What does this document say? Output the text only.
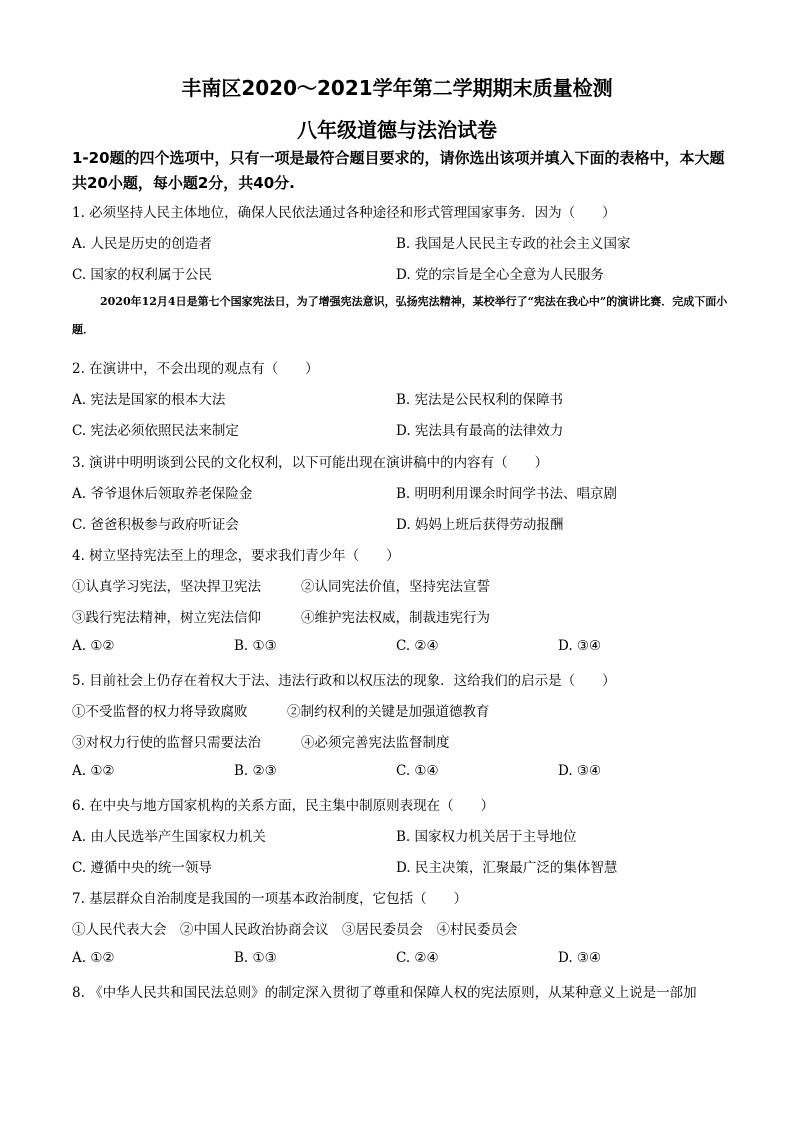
丰南区2020～2021学年第二学期期末质量检测
八年级道德与法治试卷
1-20题的四个选项中，只有一项是最符合题目要求的，请你选出该项并填入下面的表格中，本大题共20小题，每小题2分，共40分.
1. 必须坚持人民主体地位，确保人民依法通过各种途径和形式管理国家事务．因为（　　）
A. 人民是历史的创造者	B. 我国是人民民主专政的社会主义国家
C. 国家的权利属于公民	D. 党的宗旨是全心全意为人民服务
2020年12月4日是第七个国家宪法日，为了增强宪法意识，弘扬宪法精神，某校举行了“宪法在我心中”的演讲比赛．完成下面小题．
2. 在演讲中，不会出现的观点有（　　）
A. 宪法是国家的根本大法	B. 宪法是公民权利的保障书
C. 宪法必须依照民法来制定	D. 宪法具有最高的法律效力
3. 演讲中明明谈到公民的文化权利，以下可能出现在演讲稿中的内容有（　　）
A. 爷爷退休后领取养老保险金	B. 明明利用课余时间学书法、唱京剧
C. 爸爸积极参与政府听证会	D. 妈妈上班后获得劳动报酬
4. 树立坚持宪法至上的理念，要求我们青少年（　　）
①认真学习宪法，坚决捍卫宪法	②认同宪法价值，坚持宪法宣誓
③践行宪法精神，树立宪法信仰	④维护宪法权威，制裁违宪行为
A. ①②	B. ①③	C. ②④	D. ③④
5. 目前社会上仍存在着权大于法、违法行政和以权压法的现象．这给我们的启示是（　　）
①不受监督的权力将导致腐败	②制约权利的关键是加强道德教育
③对权力行使的监督只需要法治	④必须完善宪法监督制度
A. ①②	B. ②③	C. ①④	D. ③④
6. 在中央与地方国家机构的关系方面，民主集中制原则表现在（　　）
A. 由人民选举产生国家权力机关	B. 国家权力机关居于主导地位
C. 遵循中央的统一领导	D. 民主决策，汇聚最广泛的集体智慧
7. 基层群众自治制度是我国的一项基本政治制度，它包括（　　）
①人民代表大会　②中国人民政治协商会议　③居民委员会　④村民委员会
A. ①②	B. ①③	C. ②④	D. ③④
8. 《中华人民共和国民法总则》的制定深入贯彻了尊重和保障人权的宪法原则，从某种意义上说是一部加
